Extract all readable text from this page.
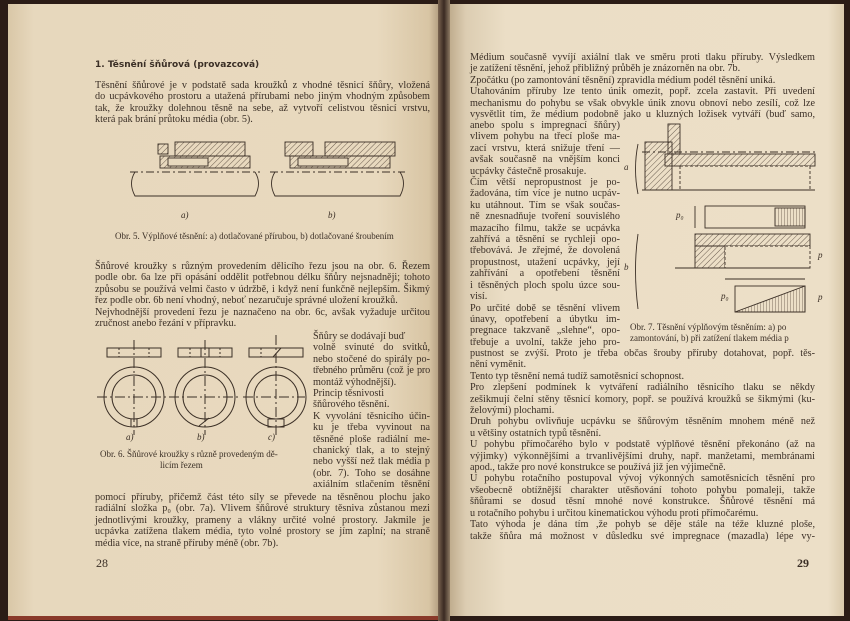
1. Těsnění šňůrová (provazcová)
Těsnění šňůrové je v podstatě sada kroužků z vhodné těsnicí šňůry, vložená
do ucpávkového prostoru a utažená přírubami nebo jiným vhodným způsobem
tak, že kroužky dolehnou těsně na sebe, až vytvoří celistvou těsnicí vrstvu,
která pak brání průtoku média (obr. 5).
a)	b)
Obr. 5. Výplňové těsnění: a) dotlačované přírubou, b) dotlačované šroubením
Šňůrové kroužky s různým provedením dělicího řezu jsou na obr. 6. Řezem
podle obr. 6a lze při opásání oddělit potřebnou délku šňůry nejsnadněji; tohoto
způsobu se používá velmi často v údržbě, i když není funkčně nejlepším. Šikmý
řez podle obr. 6b není vhodný, neboť nezaručuje správné uložení kroužků.
Nejvhodnější provedení řezu je naznačeno na obr. 6c, avšak vyžaduje určitou
zručnost anebo řezání v přípravku.
a)	b)	c)
Obr. 6. Šňůrové kroužky s různě provedeným dě-
licím řezem
Šňůry se dodávají buď
volně svinuté do svitků,
nebo stočené do spirály po-
třebného průměru (což je pro
montáž výhodnější).
Princip těsnivosti
šňůrového těsnění.
K vyvolání těsnicího účin-
ku je třeba vyvinout na
těsněné ploše radiální me-
chanický tlak, a to stejný
nebo vyšší než tlak média p
(obr. 7). Toho se dosáhne
axiálním stlačením těsnění
pomocí příruby, přičemž část této síly se převede na těsněnou plochu jako
radiální složka p₀ (obr. 7a). Vlivem šňůrové struktury těsniva zůstanou mezi
jednotlivými kroužky, prameny a vlákny určité volné prostory. Jakmile je
ucpávka zatížena tlakem média, tyto volné prostory se jím zaplní; na straně
média více, na straně příruby méně (obr. 7b).
28
Médium současně vyvíjí axiální tlak ve směru proti tlaku příruby. Výsledkem
je zatížení těsnění, jehož přibližný průběh je znázorněn na obr. 7b.
Zpočátku (po zamontování těsnění) zpravidla médium podél těsnění uniká.
Utahováním příruby lze tento únik omezit, popř. zcela zastavit. Při uvedení
mechanismu do pohybu se však obvykle únik znovu obnoví nebo zesílí, což lze
vysvětlit tím, že médium podobně jako u kluzných ložisek vytváří (buď samo,
anebo spolu s impregnací šňůry)
vlivem pohybu na třecí ploše ma-
zací vrstvu, která snižuje tření —
avšak současně na vnějším konci
ucpávky částečně prosakuje.
Čím větší nepropustnost je po-
žadována, tím více je nutno ucpáv-
ku utáhnout. Tím se však součas-
ně znesnadňuje tvoření souvislého
mazacího filmu, takže se ucpávka
zahřívá a těsnění se rychleji opo-
třebovává. Je zřejmé, že dovolená
propustnost, utažení ucpávky, její
zahřívání a opotřebení těsnění
i těsněných ploch spolu úzce sou-
visí.
Po určité době se těsnění vlivem
únavy, opotřebení a úbytku im-
pregnace takzvaně „slehne“, opo-
třebuje a uvolní, takže jeho pro-
a
b
p₀
p₀
p
p
Obr. 7. Těsnění výplňovým těsněním: a) po
zamontování, b) při zatížení tlakem média p
pustnost se zvýší. Proto je třeba občas šrouby příruby dotahovat, popř. těs-
nění vyměnit.
Tento typ těsnění nemá tudíž samotěsnicí schopnost.
Pro zlepšení podmínek k vytváření radiálního těsnicího tlaku se někdy
zešikmují čelní stěny těsnicí komory, popř. se používá kroužků se šikmými (ku-
želovými) plochami.
Druh pohybu ovlivňuje ucpávku se šňůrovým těsněním mnohem méně než
u většiny ostatních typů těsnění.
U pohybu přímočarého bylo v podstatě výplňové těsnění překonáno (až na
výjimky) výkonnějšími a trvanlivějšími druhy, např. manžetami, membránami
apod., takže pro nové konstrukce se používá již jen výjimečně.
U pohybu rotačního postupoval vývoj výkonných samotěsnicích těsnění pro
všeobecně obtížnější charakter utěsňování tohoto pohybu pomaleji, takže
šňůrami se dosud těsní mnohé nové konstrukce. Šňůrové těsnění má
u rotačního pohybu i určitou kinematickou výhodu proti přímočarému.
Tato výhoda je dána tím ,že pohyb se děje stále na téže kluzné ploše,
takže šňůra má možnost v důsledku své impregnace (mazadla) lépe vy-
29
